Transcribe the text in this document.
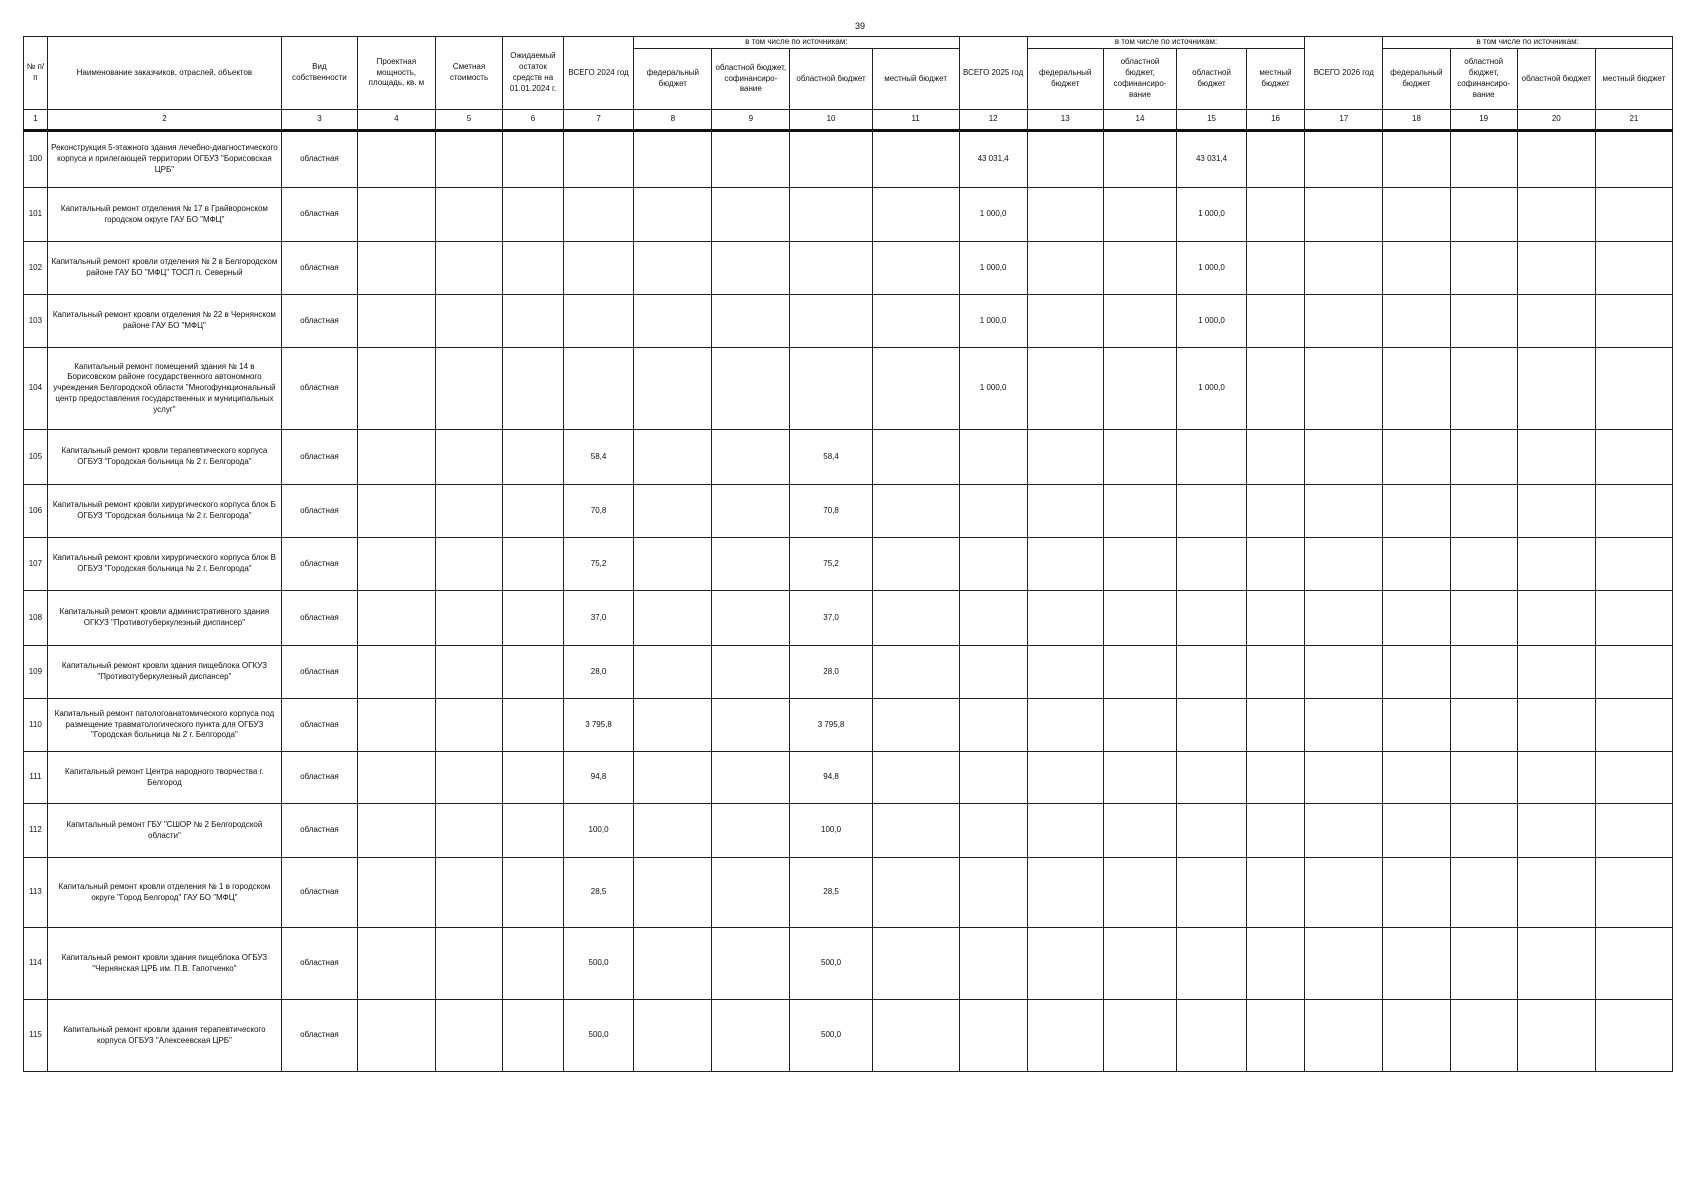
39
№ п/п	Наименование заказчиков, отраслей, объектов	Вид собственности	Проектная мощность, площадь, кв. м	Сметная стоимость	Ожидаемый остаток средств на 01.01.2024 г.	ВСЕГО 2024 год	в том числе по источникам:				ВСЕГО 2025 год	в том числе по источникам:				ВСЕГО 2026 год	в том числе по источникам:			
							федеральный бюджет	областной бюджет, софинансиро-вание	областной бюджет	местный бюджет		федеральный бюджет	областной бюджет, софинансиро-вание	областной бюджет	местный бюджет		федеральный бюджет	областной бюджет, софинансиро-вание	областной бюджет	местный бюджет
1	2	3	4	5	6	7	8	9	10	11	12	13	14	15	16	17	18	19	20	21
100	Реконструкция 5-этажного здания лечебно-диагностического корпуса и прилегающей территории ОГБУЗ "Борисовская ЦРБ"	областная									43 031,4			43 031,4						
101	Капитальный ремонт отделения № 17 в Грайворонском городском округе ГАУ БО "МФЦ"	областная									1 000,0			1 000,0						
102	Капитальный ремонт кровли отделения № 2 в Белгородском районе ГАУ БО "МФЦ" ТОСП п. Северный	областная									1 000,0			1 000,0						
103	Капитальный ремонт кровли отделения № 22 в Чернянском районе ГАУ БО "МФЦ"	областная									1 000,0			1 000,0						
104	Капитальный ремонт помещений здания № 14 в Борисовском районе государственного автономного учреждения Белгородской области "Многофункциональный центр предоставления государственных и муниципальных услуг"	областная									1 000,0			1 000,0						
105	Капитальный ремонт кровли терапевтического корпуса ОГБУЗ "Городская больница № 2 г. Белгорода"	областная				58,4			58,4											
106	Капитальный ремонт кровли хирургического корпуса блок Б ОГБУЗ "Городская больница № 2 г. Белгорода"	областная				70,8			70,8											
107	Капитальный ремонт кровли хирургического корпуса блок В ОГБУЗ "Городская больница № 2 г. Белгорода"	областная				75,2			75,2											
108	Капитальный ремонт кровли административного здания ОГКУЗ "Противотуберкулезный диспансер"	областная				37,0			37,0											
109	Капитальный ремонт кровли здания пищеблока ОГКУЗ "Противотуберкулезный диспансер"	областная				28,0			28,0											
110	Капитальный ремонт патологоанатомического корпуса под размещение травматологического пункта для ОГБУЗ "Городская больница № 2 г. Белгорода"	областная				3 795,8			3 795,8											
111	Капитальный ремонт Центра народного творчества г. Белгород	областная				94,8			94,8											
112	Капитальный ремонт ГБУ "СШОР № 2 Белгородской области"	областная				100,0			100,0											
113	Капитальный ремонт кровли отделения № 1 в городском округе "Город Белгород" ГАУ БО "МФЦ"	областная				28,5			28,5											
114	Капитальный ремонт кровли здания пищеблока ОГБУЗ "Чернянская ЦРБ им. П.В. Гапотченко"	областная				500,0			500,0											
115	Капитальный ремонт кровли здания терапевтического корпуса ОГБУЗ "Алексеевская ЦРБ"	областная				500,0			500,0											
